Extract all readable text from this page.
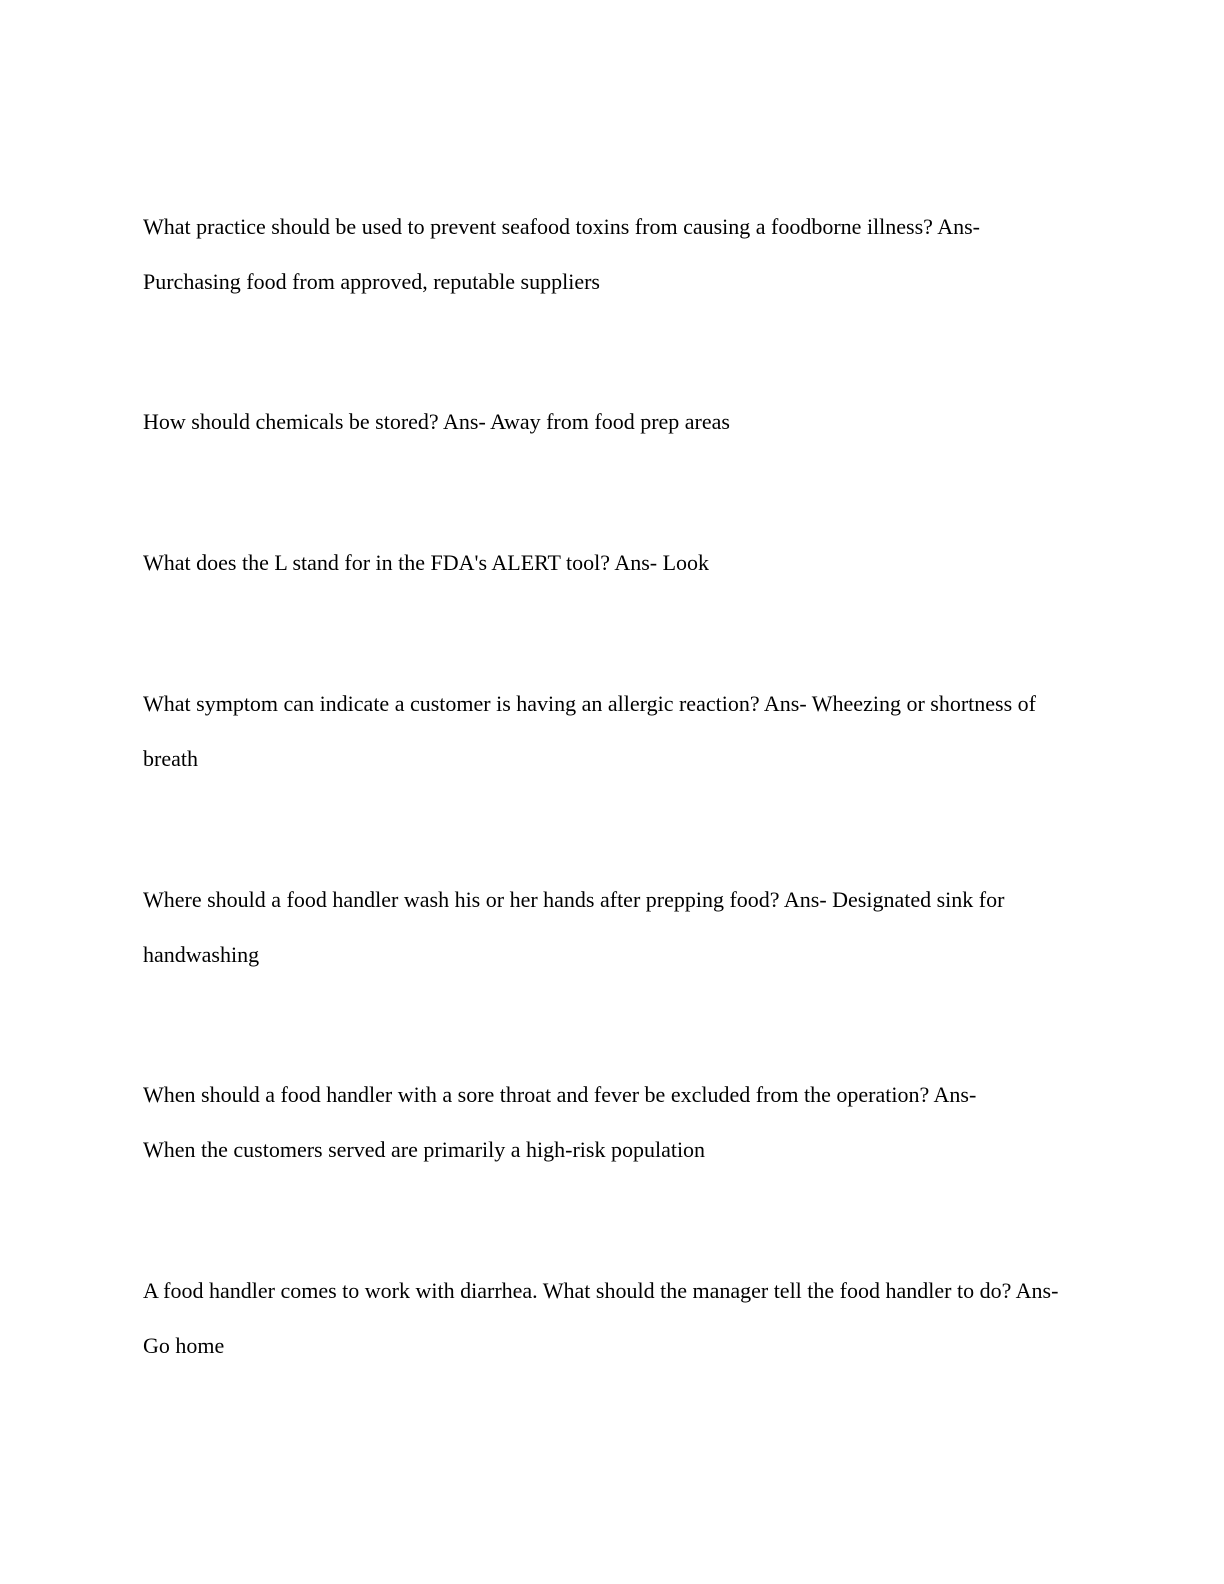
What practice should be used to prevent seafood toxins from causing a foodborne illness? Ans-
Purchasing food from approved, reputable suppliers

How should chemicals be stored? Ans- Away from food prep areas

What does the L stand for in the FDA's ALERT tool? Ans- Look

What symptom can indicate a customer is having an allergic reaction? Ans- Wheezing or shortness of breath

Where should a food handler wash his or her hands after prepping food? Ans- Designated sink for handwashing

When should a food handler with a sore throat and fever be excluded from the operation? Ans-
When the customers served are primarily a high-risk population

A food handler comes to work with diarrhea. What should the manager tell the food handler to do? Ans- Go home
